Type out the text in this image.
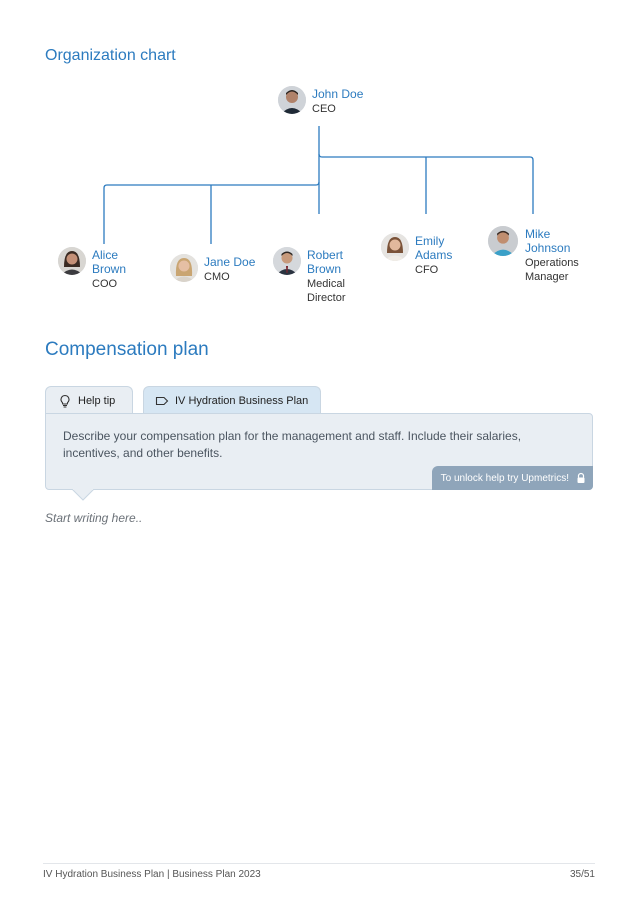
Organization chart
John Doe
CEO
Alice Brown
COO
Jane Doe
CMO
Robert Brown
Medical Director
Emily Adams
CFO
Mike Johnson
Operations Manager
Compensation plan
Help tip	IV Hydration Business Plan
Describe your compensation plan for the management and staff. Include their salaries, incentives, and other benefits.
To unlock help try Upmetrics!
Start writing here..
IV Hydration Business Plan | Business Plan 2023	35/51
